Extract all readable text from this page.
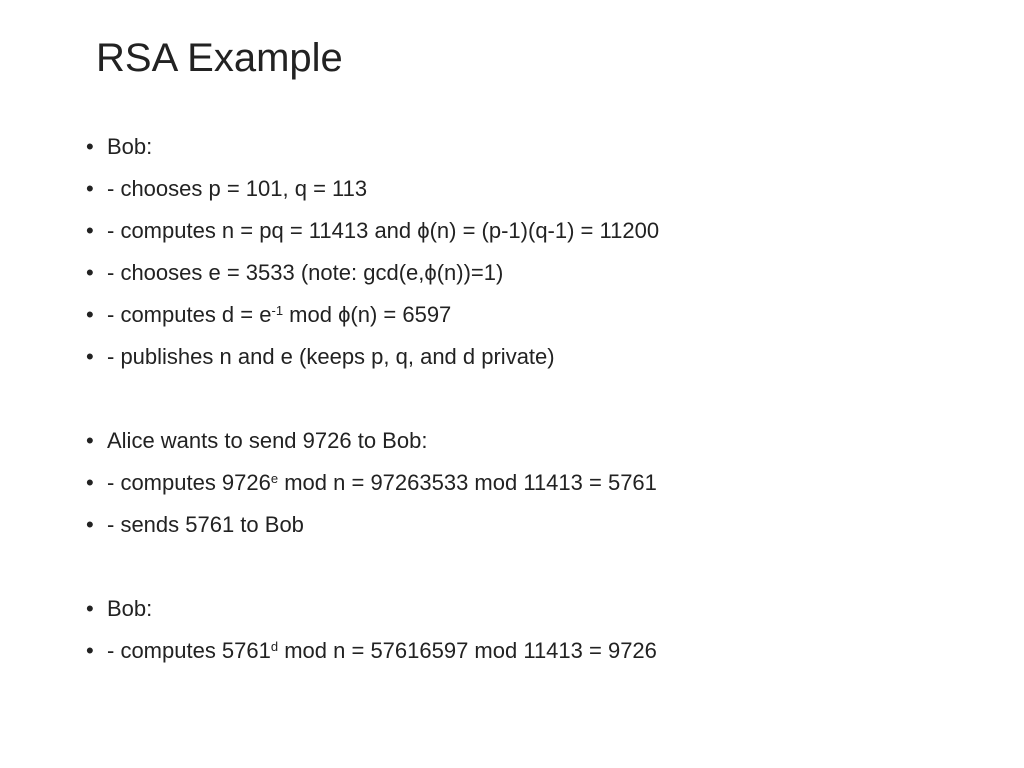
RSA Example
• Bob:
• - chooses p = 101, q = 113
• - computes n = pq = 11413 and ϕ(n) = (p-1)(q-1) = 11200
• - chooses e = 3533 (note: gcd(e,ϕ(n))=1)
• - computes $d = e^{-1}$ mod ϕ(n) = 6597
• - publishes n and e (keeps p, q, and d private)
• Alice wants to send 9726 to Bob:
• - computes 9726e mod n = 97263533 mod 11413 = 5761
• - sends 5761 to Bob
• Bob:
• - computes 5761$^d$ mod n = 57616597 mod 11413 = 9726
